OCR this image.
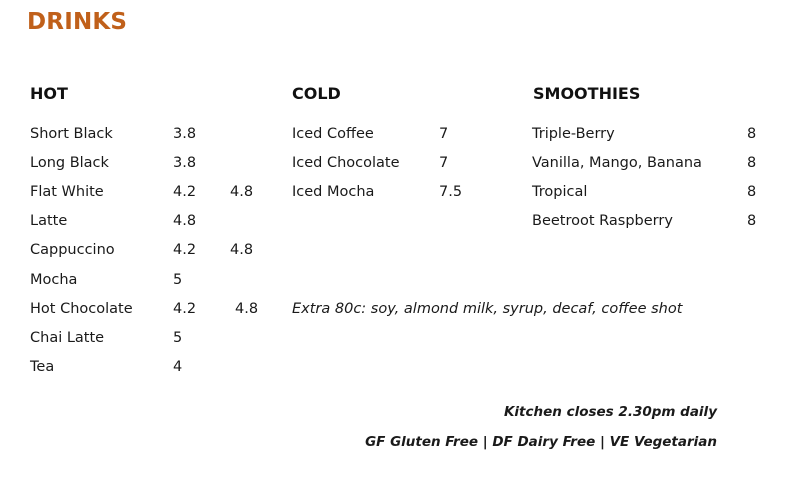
DRINKS
HOT	COLD	SMOOTHIES
Short Black	3.8
Long Black	3.8
Flat White	4.2 4.8
Latte	4.8
Cappuccino	4.2 4.8
Mocha	5
Hot Chocolate	4.2	4.8
Chai Latte	5
Tea	4
Iced Coffee	7
Iced Chocolate	7
Iced Mocha	7.5
Triple-Berry	8
Vanilla, Mango, Banana	8
Tropical	8
Beetroot Raspberry	8
Extra 80c: soy, almond milk, syrup, decaf, coffee shot
Kitchen closes 2.30pm daily
GF Gluten Free | DF Dairy Free | VE Vegetarian
